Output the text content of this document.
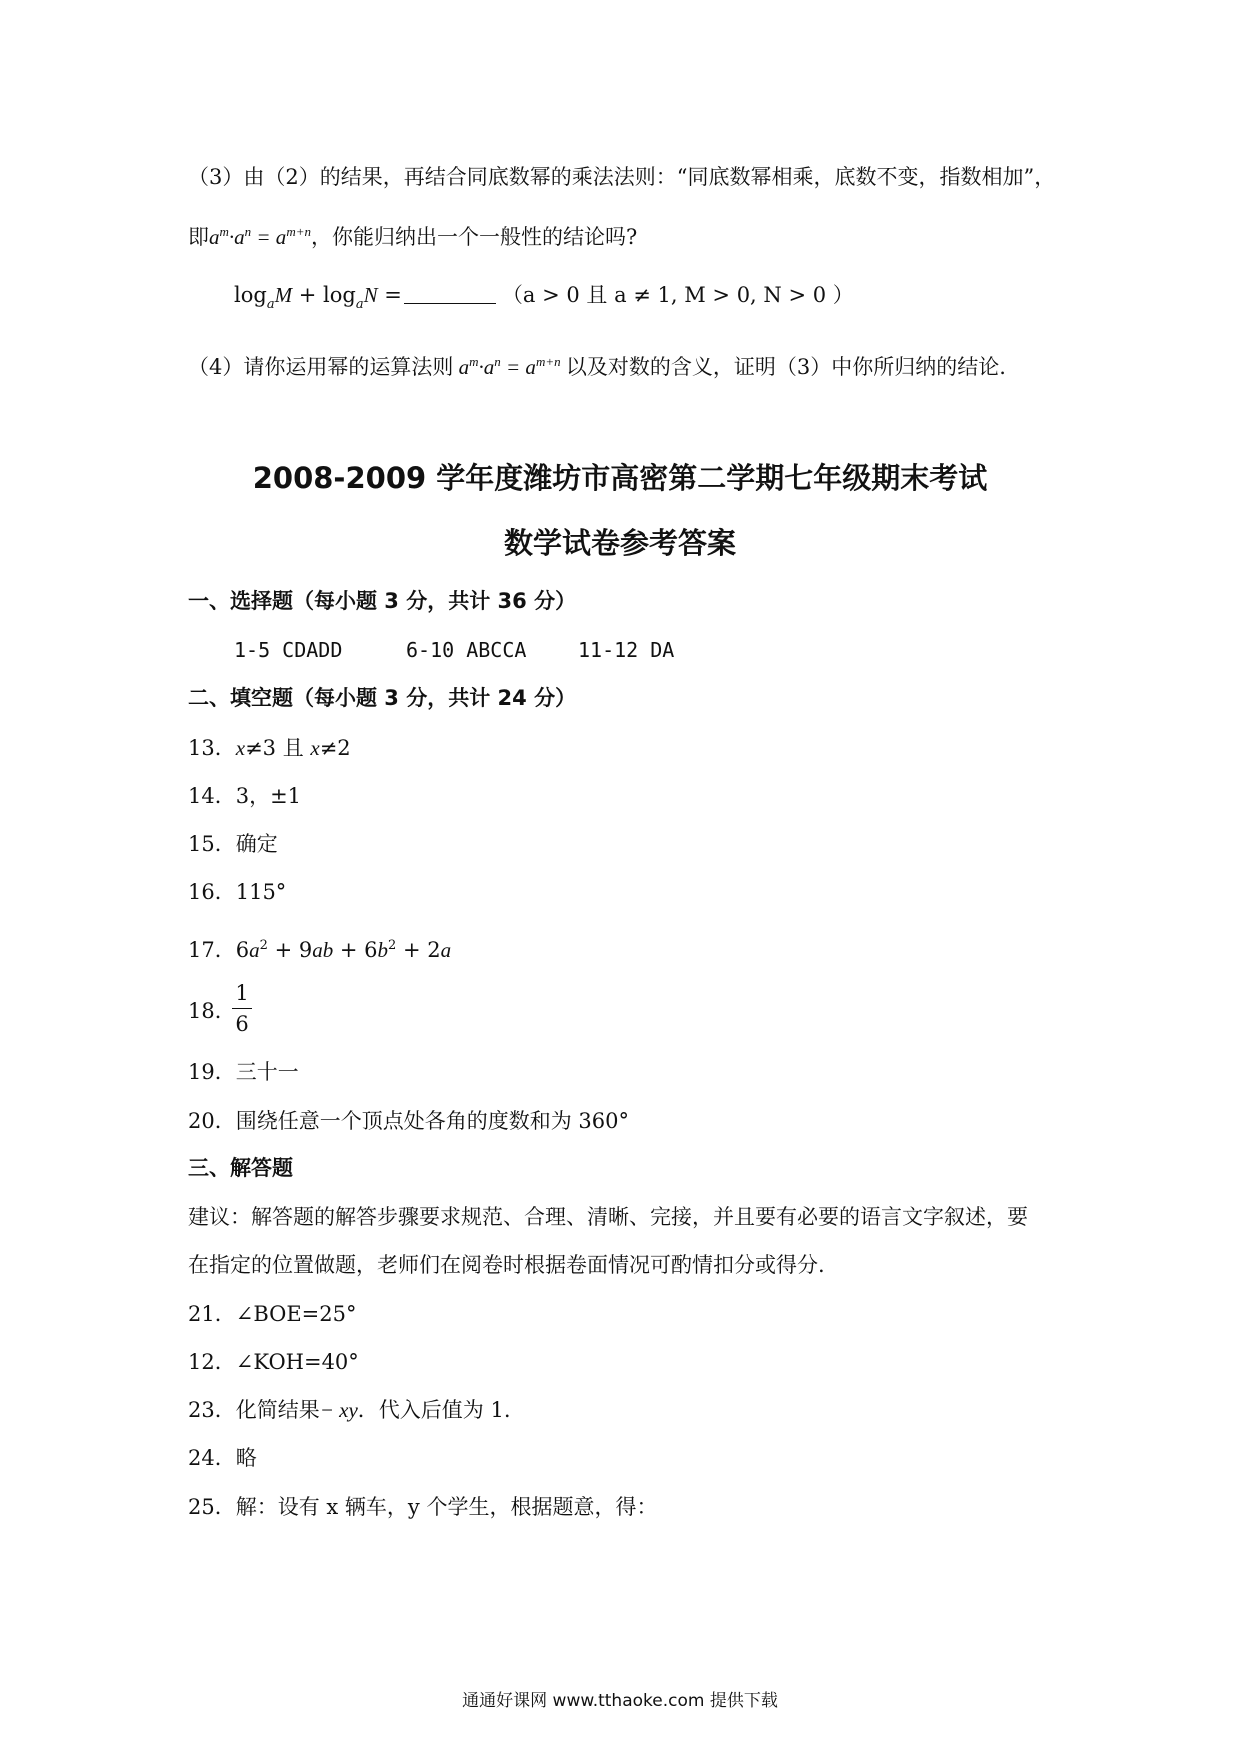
（3）由（2）的结果，再结合同底数幂的乘法法则：“同底数幂相乘，底数不变，指数相加”，
即$a^m\cdot a^n = a^{m+n}$，你能归纳出一个一般性的结论吗?
$\log_aM + \log_aN$ =	（a > 0 且 a ≠ 1, M > 0, N > 0 ）
（4）请你运用幂的运算法则 $a^m\cdot a^n = a^{m+n}$ 以及对数的含义，证明（3）中你所归纳的结论.
2008-2009 学年度潍坊市高密第二学期七年级期末考试
数学试卷参考答案
一、选择题（每小题 3 分，共计 36 分）
1-5 CDADD	6-10 ABCCA	11-12 DA
二、填空题（每小题 3 分，共计 24 分）
13．x≠3 且 x≠2
14．3，±1
15．确定
16．115°
17．$6a^2 + 9ab + 6b^2 + 2a$
18．
1
6
19．三十一
20．围绕任意一个顶点处各角的度数和为 360°
三、解答题
建议：解答题的解答步骤要求规范、合理、清晰、完接，并且要有必要的语言文字叙述，要
在指定的位置做题，老师们在阅卷时根据卷面情况可酌情扣分或得分.
21．∠BOE=25°
12．∠KOH=40°
23．化简结果− xy．代入后值为 1.
24．略
25．解：设有 x 辆车，y 个学生，根据题意，得：
通通好课网 www.tthaoke.com 提供下载
